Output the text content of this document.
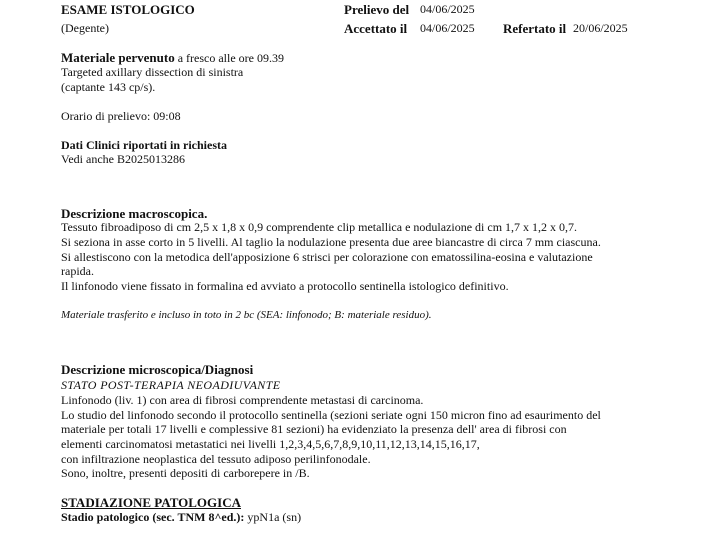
ESAME ISTOLOGICO
(Degente)
Prelievo del 04/06/2025
Accettato il 04/06/2025 Refertato il 20/06/2025
Materiale pervenuto a fresco alle ore 09.39
Targeted axillary dissection di sinistra
(captante 143 cp/s).
Orario di prelievo: 09:08
Dati Clinici riportati in richiesta
Vedi anche B2025013286
Descrizione macroscopica.
Tessuto fibroadiposo di cm 2,5 x 1,8 x 0,9 comprendente clip metallica e nodulazione di cm 1,7 x 1,2 x 0,7.
Si seziona in asse corto in 5 livelli. Al taglio la nodulazione presenta due aree biancastre di circa 7 mm ciascuna.
Si allestiscono con la metodica dell'apposizione 6 strisci per colorazione con ematossilina-eosina e valutazione
rapida.
Il linfonodo viene fissato in formalina ed avviato a protocollo sentinella istologico definitivo.
Materiale trasferito e incluso in toto in 2 bc (SEA: linfonodo; B: materiale residuo).
Descrizione microscopica/Diagnosi
STATO POST-TERAPIA NEOADIUVANTE
Linfonodo (liv. 1) con area di fibrosi comprendente metastasi di carcinoma.
Lo studio del linfonodo secondo il protocollo sentinella (sezioni seriate ogni 150 micron fino ad esaurimento del
materiale per totali 17 livelli e complessive 81 sezioni) ha evidenziato la presenza dell' area di fibrosi con
elementi carcinomatosi metastatici nei livelli 1,2,3,4,5,6,7,8,9,10,11,12,13,14,15,16,17,
con infiltrazione neoplastica del tessuto adiposo perilinfonodale.
Sono, inoltre, presenti depositi di carborepere in /B.
STADIAZIONE PATOLOGICA
Stadio patologico (sec. TNM 8^ed.): ypN1a (sn)
